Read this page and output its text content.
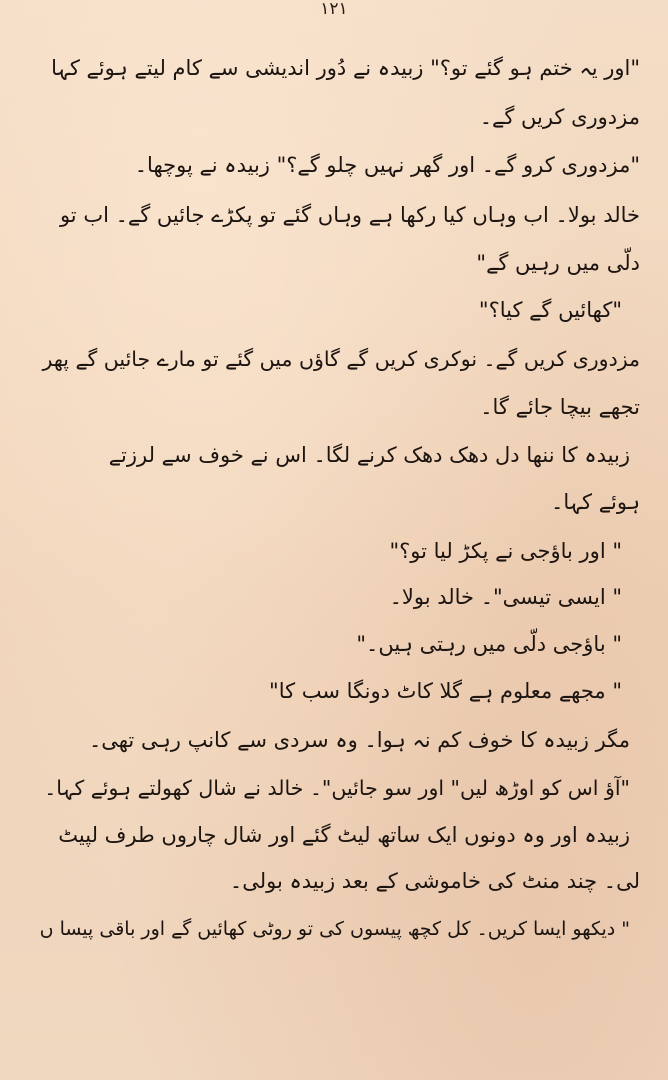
۱۲۱
"اور یہ ختم ہو گئے تو؟" زبیدہ نے دُور اندیشی سے کام لیتے ہوئے کہا
مزدوری کریں گے۔
"مزدوری کرو گے۔ اور گھر نہیں چلو گے؟" زبیدہ نے پوچھا۔
خالد بولا۔ اب وہاں کیا رکھا ہے وہاں گئے تو پکڑے جائیں گے۔ اب تو
دلّی میں رہیں گے"
"کھائیں گے کیا؟"
مزدوری کریں گے۔ نوکری کریں گے گاؤں میں گئے تو مارے جائیں گے پھر
تجھے بیچا جائے گا۔
زبیدہ کا ننھا دل دھک دھک کرنے لگا۔ اس نے خوف سے لرزتے
ہوئے کہا۔
" اور باؤجی نے پکڑ لیا تو؟"
" ایسی تیسی"۔ خالد بولا۔
" باؤجی دلّی میں رہتی ہیں۔"
" مجھے معلوم ہے گلا کاٹ دونگا سب کا"
مگر زبیدہ کا خوف کم نہ ہوا۔ وہ سردی سے کانپ رہی تھی۔
"آؤ اس کو اوڑھ لیں" اور سو جائیں"۔ خالد نے شال کھولتے ہوئے کہا۔
زبیدہ اور وہ دونوں ایک ساتھ لیٹ گئے اور شال چاروں طرف لپیٹ
لی۔ چند منٹ کی خاموشی کے بعد زبیدہ بولی۔
" دیکھو ایسا کریں۔ کل کچھ پیسوں کی تو روٹی کھائیں گے اور باقی پیسا ں
